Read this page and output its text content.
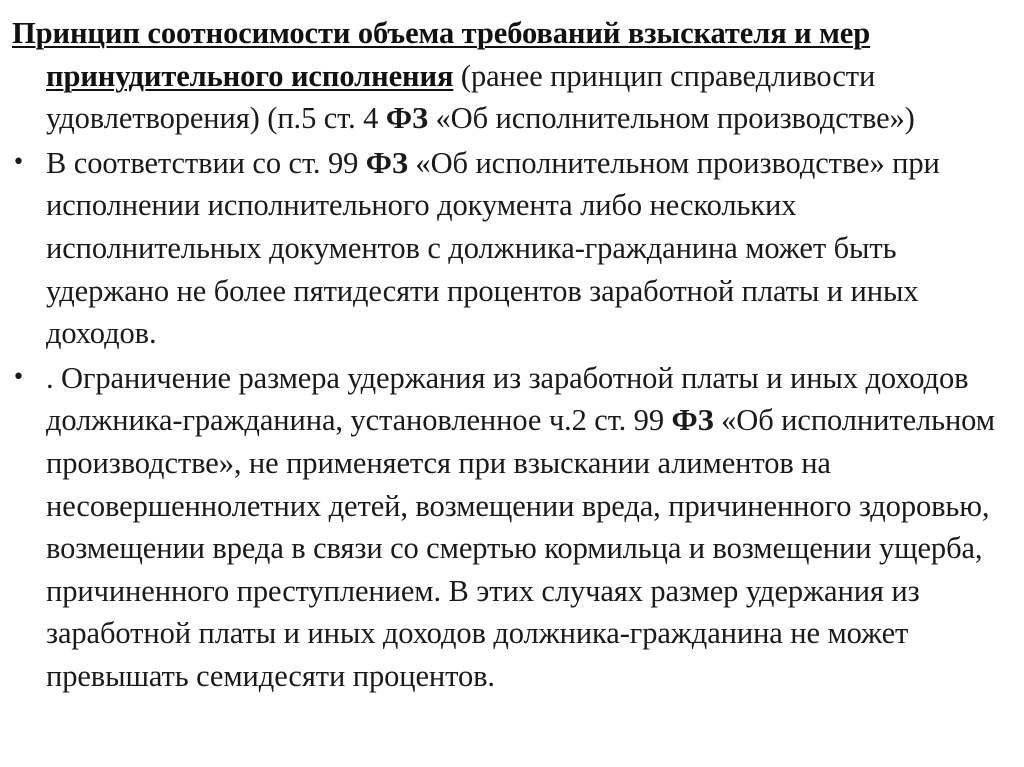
Принцип соотносимости объема требований взыскателя и мер принудительного исполнения (ранее принцип справедливости удовлетворения) (п.5 ст. 4 ФЗ «Об исполнительном производстве»)
• В соответствии со ст. 99 ФЗ «Об исполнительном производстве» при исполнении исполнительного документа либо нескольких исполнительных документов с должника-гражданина может быть удержано не более пятидесяти процентов заработной платы и иных доходов.
• . Ограничение размера удержания из заработной платы и иных доходов должника-гражданина, установленное ч.2 ст. 99 ФЗ «Об исполнительном производстве», не применяется при взыскании алиментов на несовершеннолетних детей, возмещении вреда, причиненного здоровью, возмещении вреда в связи со смертью кормильца и возмещении ущерба, причиненного преступлением. В этих случаях размер удержания из заработной платы и иных доходов должника-гражданина не может превышать семидесяти процентов.
